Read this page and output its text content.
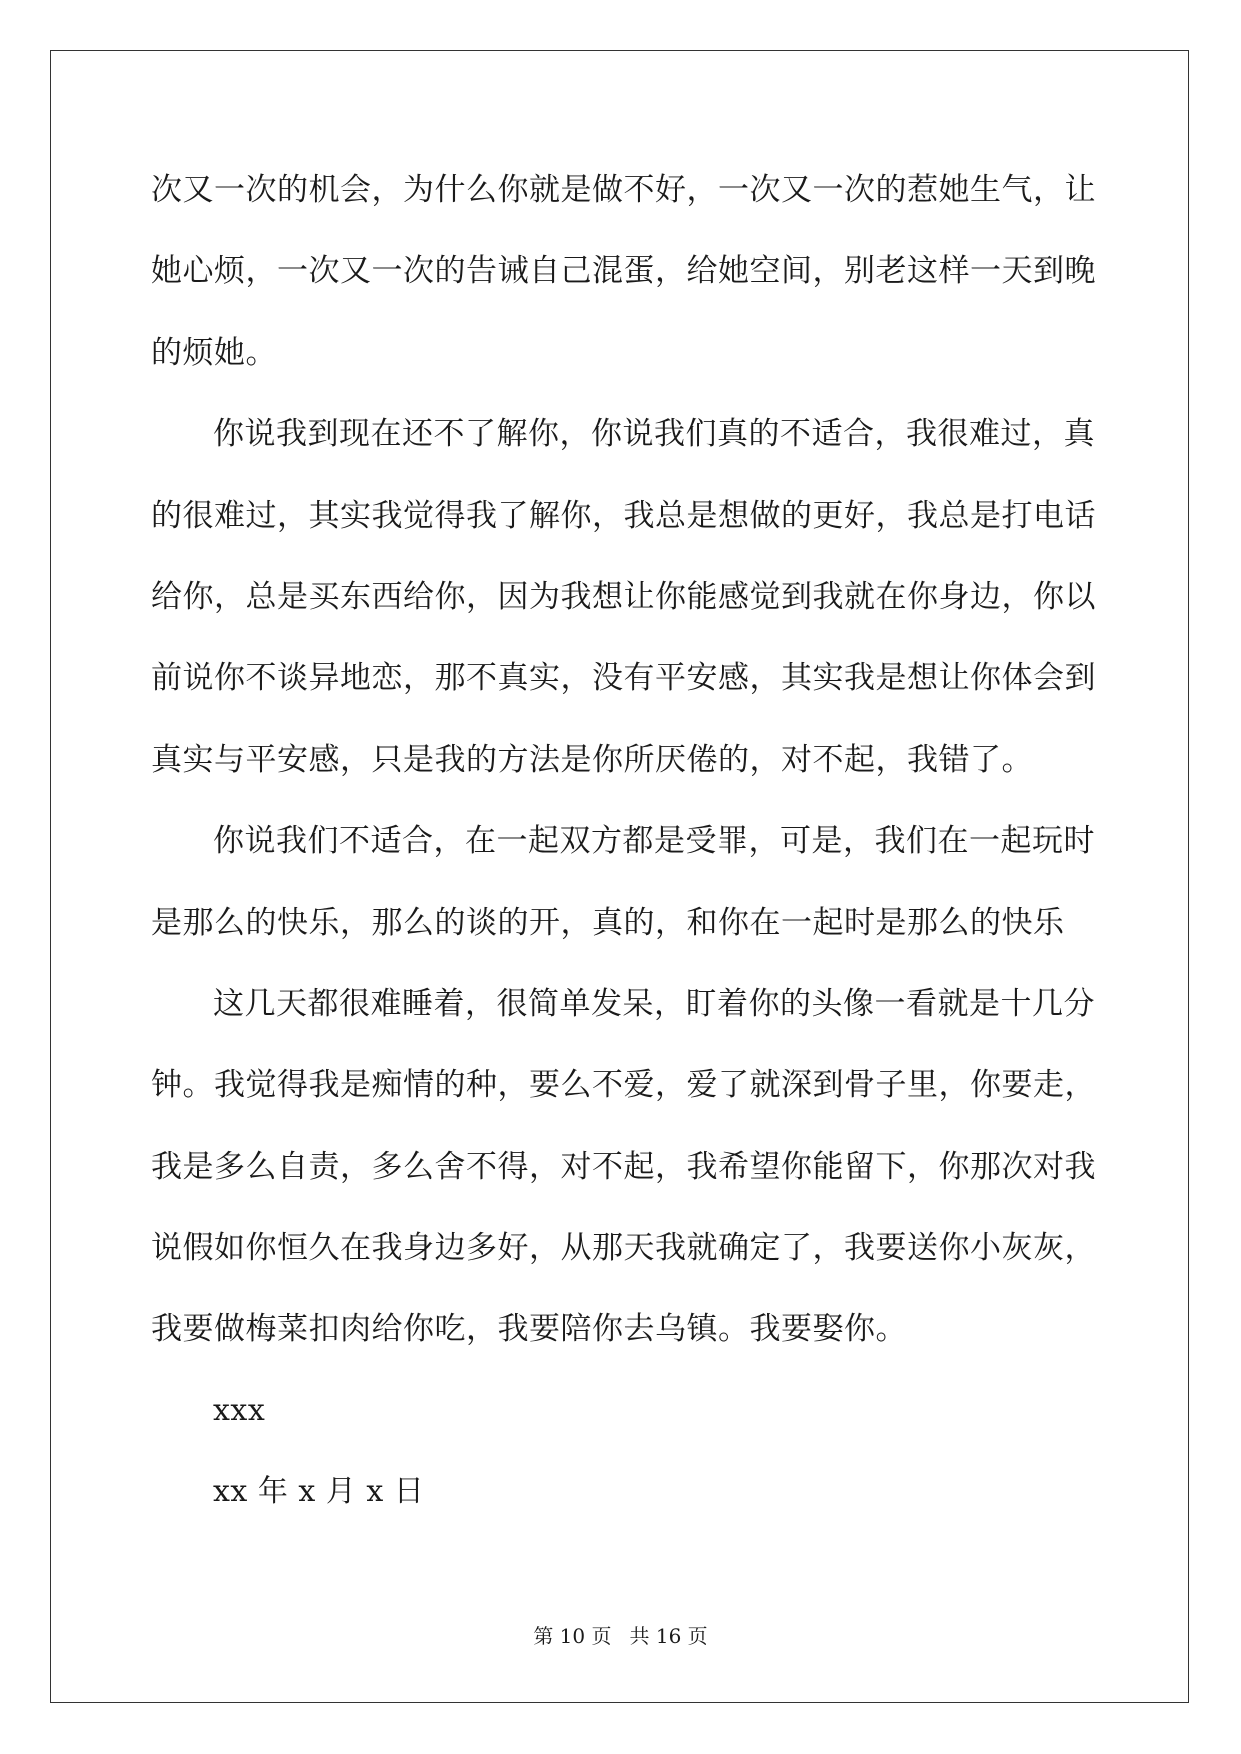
次又一次的机会，为什么你就是做不好，一次又一次的惹她生气，让
她心烦，一次又一次的告诫自己混蛋，给她空间，别老这样一天到晚
的烦她。
你说我到现在还不了解你，你说我们真的不适合，我很难过，真
的很难过，其实我觉得我了解你，我总是想做的更好，我总是打电话
给你，总是买东西给你，因为我想让你能感觉到我就在你身边，你以
前说你不谈异地恋，那不真实，没有平安感，其实我是想让你体会到
真实与平安感，只是我的方法是你所厌倦的，对不起，我错了。
你说我们不适合，在一起双方都是受罪，可是，我们在一起玩时
是那么的快乐，那么的谈的开，真的，和你在一起时是那么的快乐
这几天都很难睡着，很简单发呆，盯着你的头像一看就是十几分
钟。我觉得我是痴情的种，要么不爱，爱了就深到骨子里，你要走，
我是多么自责，多么舍不得，对不起，我希望你能留下，你那次对我
说假如你恒久在我身边多好，从那天我就确定了，我要送你小灰灰，
我要做梅菜扣肉给你吃，我要陪你去乌镇。我要娶你。
xxx
xx 年 x 月 x 日
第 10 页 共 16 页
